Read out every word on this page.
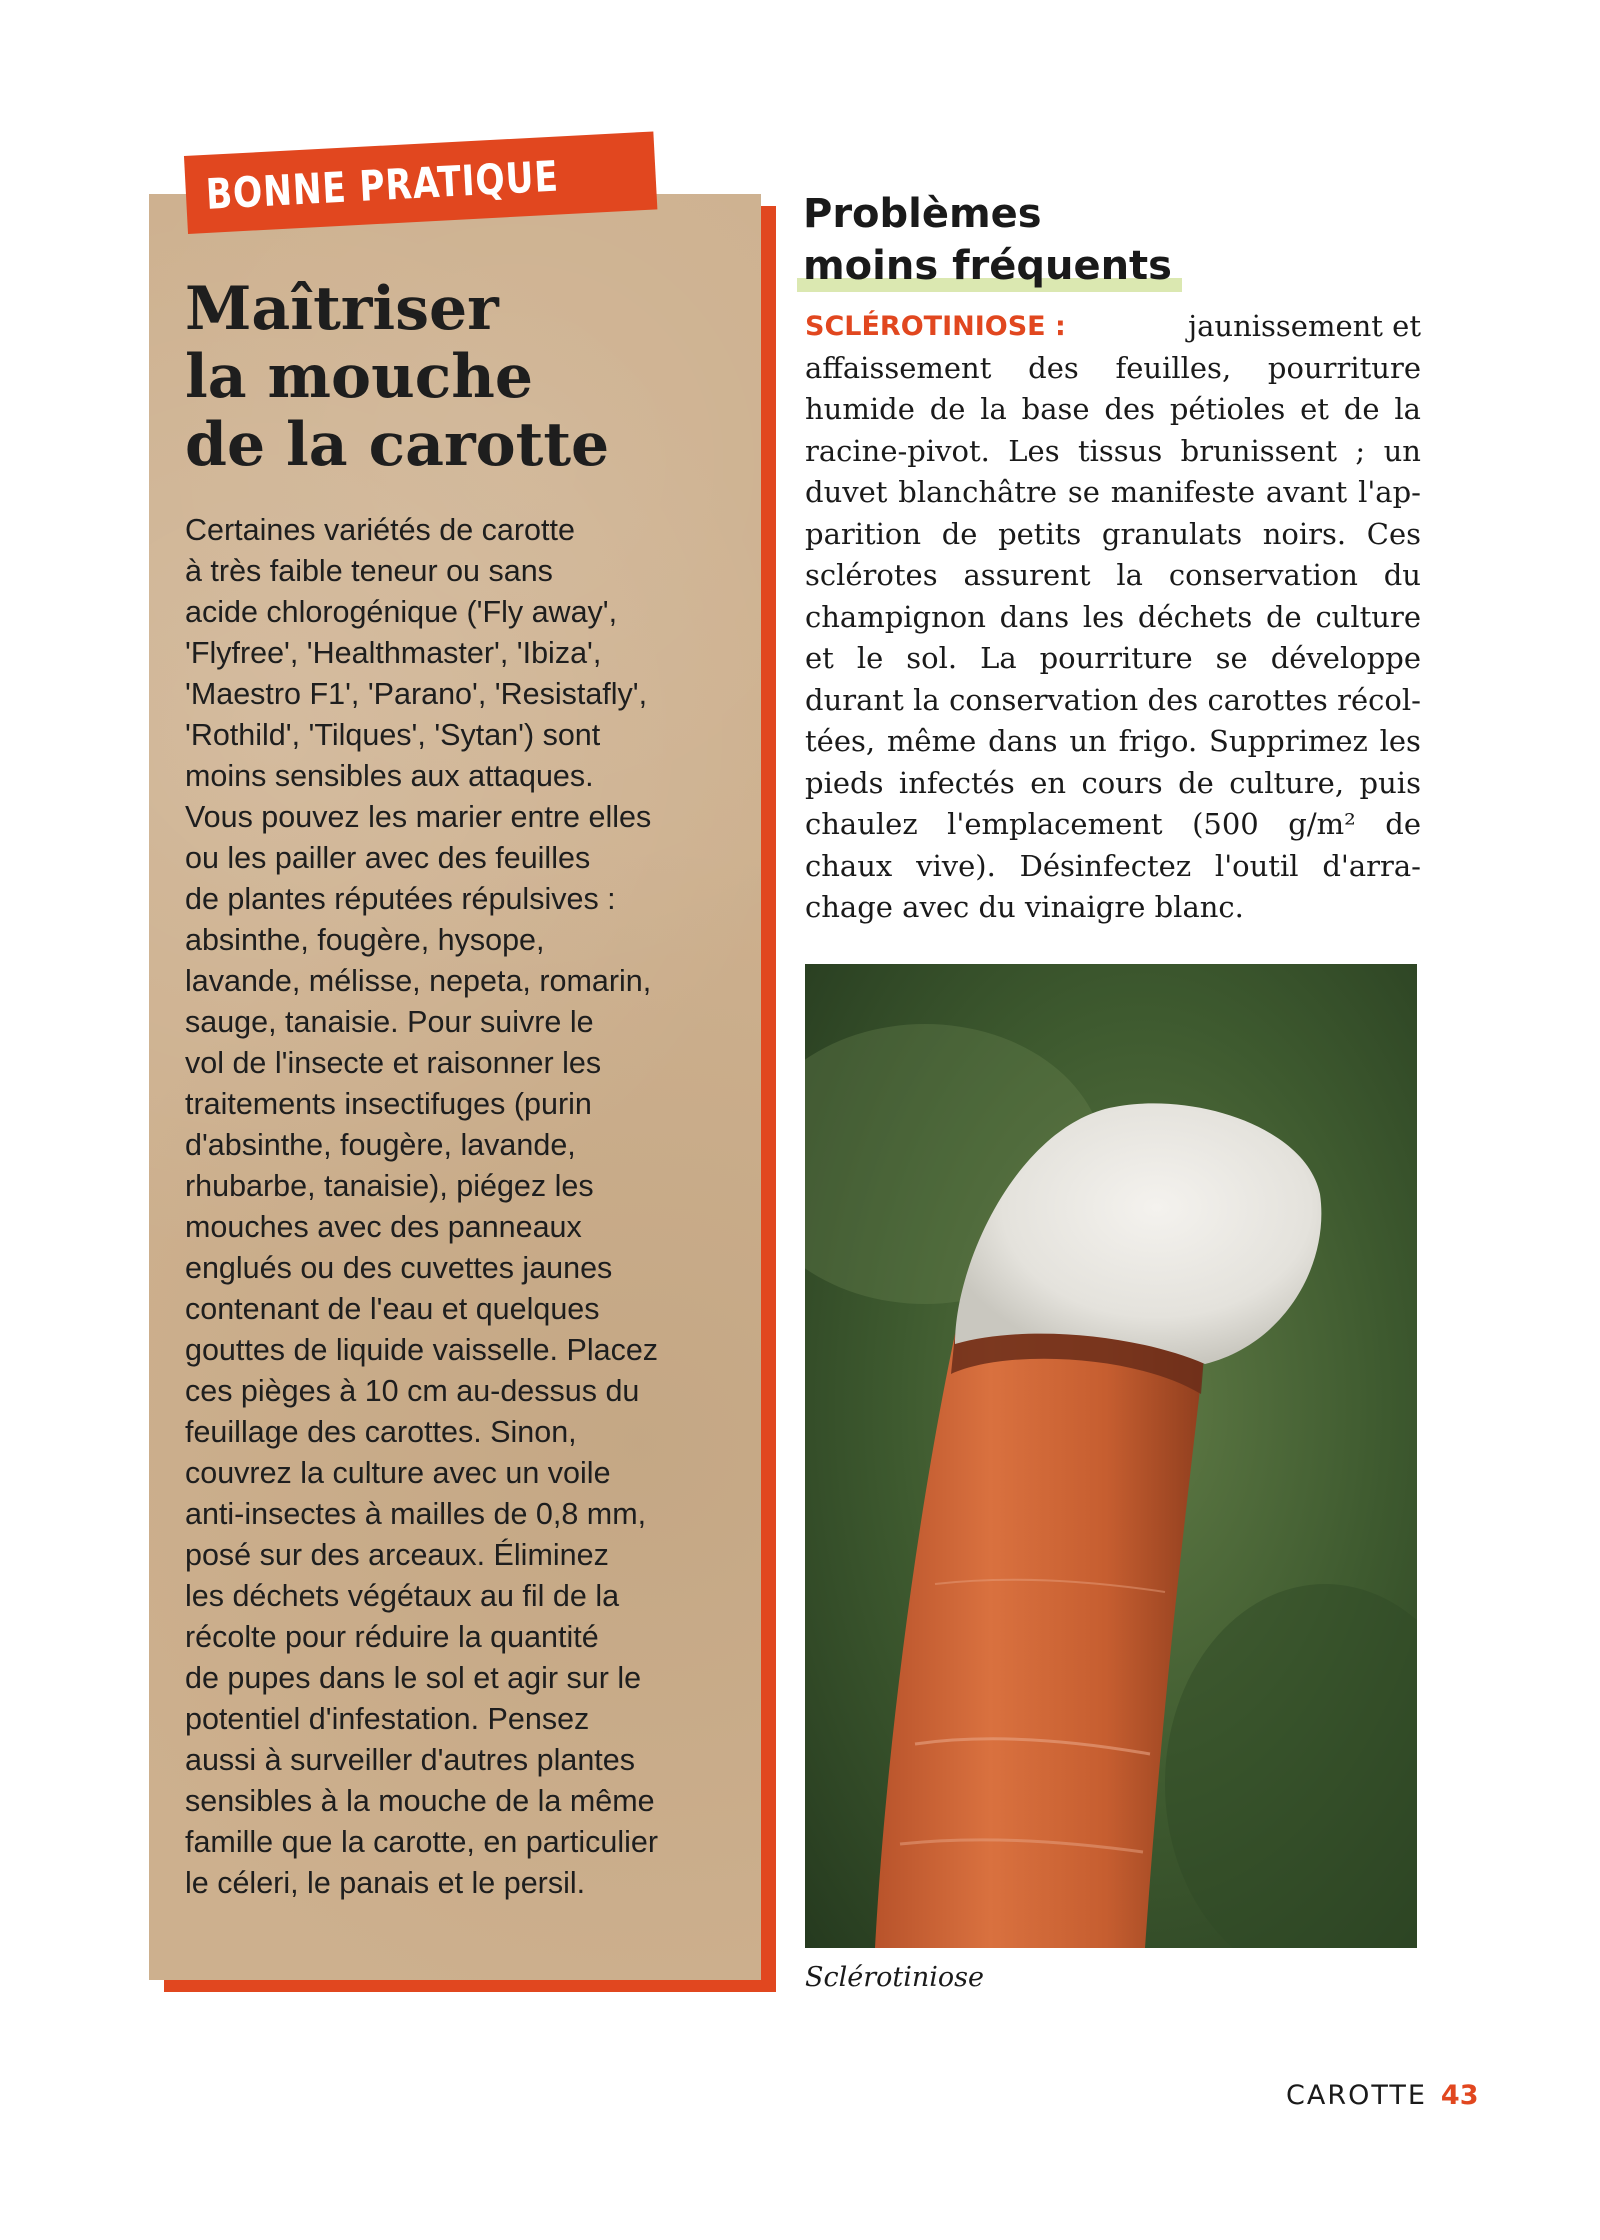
BONNE PRATIQUE
Maîtriser
la mouche
de la carotte
Certaines variétés de carotte
à très faible teneur ou sans
acide chlorogénique ('Fly away',
'Flyfree', 'Healthmaster', 'Ibiza',
'Maestro F1', 'Parano', 'Resistafly',
'Rothild', 'Tilques', 'Sytan') sont
moins sensibles aux attaques.
Vous pouvez les marier entre elles
ou les pailler avec des feuilles
de plantes réputées répulsives :
absinthe, fougère, hysope,
lavande, mélisse, nepeta, romarin,
sauge, tanaisie. Pour suivre le
vol de l'insecte et raisonner les
traitements insectifuges (purin
d'absinthe, fougère, lavande,
rhubarbe, tanaisie), piégez les
mouches avec des panneaux
englués ou des cuvettes jaunes
contenant de l'eau et quelques
gouttes de liquide vaisselle. Placez
ces pièges à 10 cm au-dessus du
feuillage des carottes. Sinon,
couvrez la culture avec un voile
anti-insectes à mailles de 0,8 mm,
posé sur des arceaux. Éliminez
les déchets végétaux au fil de la
récolte pour réduire la quantité
de pupes dans le sol et agir sur le
potentiel d'infestation. Pensez
aussi à surveiller d'autres plantes
sensibles à la mouche de la même
famille que la carotte, en particulier
le céleri, le panais et le persil.
Problèmes
moins fréquents
SCLÉROTINIOSE :	jaunissement et
affaissement des feuilles, pourriture
humide de la base des pétioles et de la
racine-pivot. Les tissus brunissent ; un
duvet blanchâtre se manifeste avant l'ap-
parition de petits granulats noirs. Ces
sclérotes assurent la conservation du
champignon dans les déchets de culture
et le sol. La pourriture se développe
durant la conservation des carottes récol-
tées, même dans un frigo. Supprimez les
pieds infectés en cours de culture, puis
chaulez l'emplacement (500 g/m² de
chaux vive). Désinfectez l'outil d'arra-
chage avec du vinaigre blanc.
Sclérotiniose
CAROTTE 43
